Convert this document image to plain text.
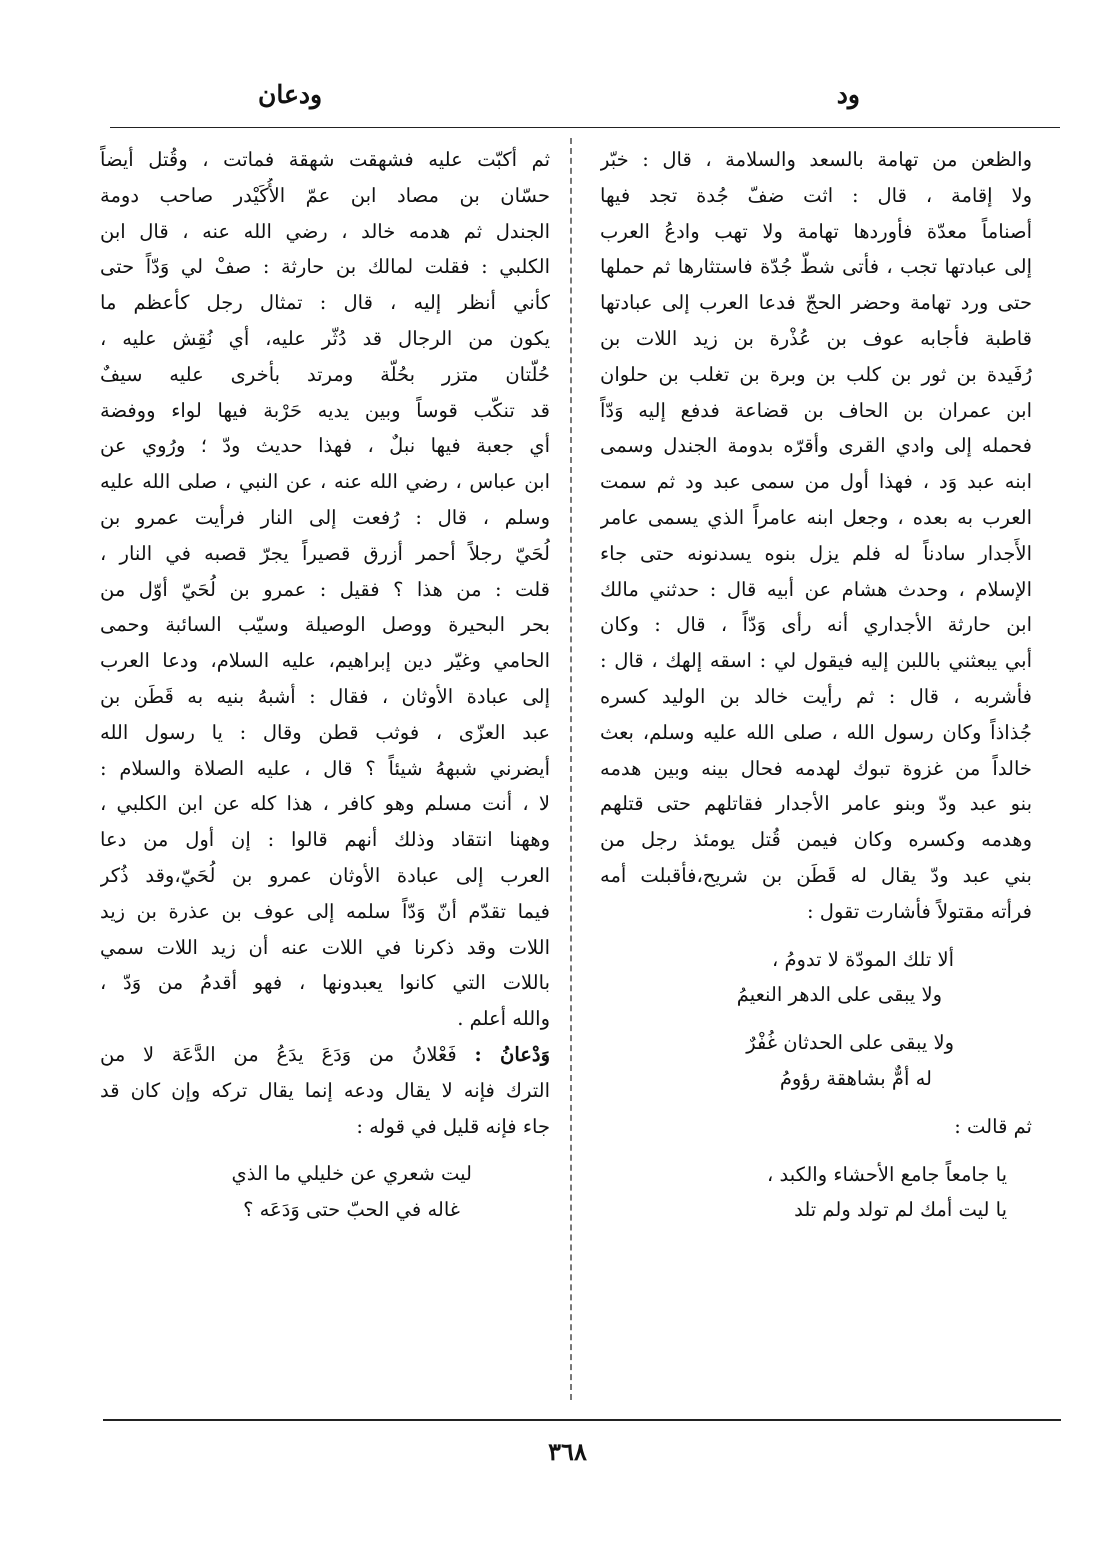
ود
ودعان
والظعن من تهامة بالسعد والسلامة ، قال : خبّر
ولا إقامة ، قال : اثت ضفّ جُدة تجد فيها
أصناماً معدّة فأوردها تهامة ولا تهب وادعُ العرب
إلى عبادتها تجب ، فأتى شطّ جُدّة فاستثارها ثم حملها
حتى ورد تهامة وحضر الحجّ فدعا العرب إلى عبادتها
قاطبة فأجابه عوف بن عُذْرة بن زيد اللات بن
رُفَيدة بن ثور بن كلب بن وبرة بن تغلب بن حلوان
ابن عمران بن الحاف بن قضاعة فدفع إليه وَدّاً
فحمله إلى وادي القرى وأقرّه بدومة الجندل وسمى
ابنه عبد وَد ، فهذا أول من سمى عبد ود ثم سمت
العرب به بعده ، وجعل ابنه عامراً الذي يسمى عامر
الأَجدار سادناً له فلم يزل بنوه يسدنونه حتى جاء
الإسلام ، وحدث هشام عن أبيه قال : حدثني مالك
ابن حارثة الأجداري أنه رأى وَدّاً ، قال : وكان
أبي يبعثني باللبن إليه فيقول لي : اسقه إلهك ، قال :
فأشربه ، قال : ثم رأيت خالد بن الوليد كسره
جُذاذاً وكان رسول الله ، صلى الله عليه وسلم، بعث
خالداً من غزوة تبوك لهدمه فحال بينه وبين هدمه
بنو عبد ودّ وبنو عامر الأجدار فقاتلهم حتى قتلهم
وهدمه وكسره وكان فيمن قُتل يومئذ رجل من
بني عبد ودّ يقال له قَطَن بن شريح،فأقبلت أمه
فرأته مقتولاً فأشارت تقول :
ألا تلك المودّة لا تدومُ ،
ولا يبقى على الدهر النعيمُ
ولا يبقى على الحدثان غُفْرٌ
له أمٌّ بشاهقة رؤومُ
ثم قالت :
يا جامعاً جامع الأحشاء والكبد ،
يا ليت أمك لم تولد ولم تلد
ثم أكبّت عليه فشهقت شهقة فماتت ، وقُتل أيضاً
حسّان بن مصاد ابن عمّ الأُكَيْدر صاحب دومة
الجندل ثم هدمه خالد ، رضي الله عنه ، قال ابن
الكلبي : فقلت لمالك بن حارثة : صفْ لي وَدّاً حتى
كأني أنظر إليه ، قال : تمثال رجل كأعظم ما
يكون من الرجال قد دُثّر عليه، أي نُقِش عليه ،
حُلّتان متزر بحُلّة ومرتد بأخرى عليه سيفٌ
قد تنكّب قوساً وبين يديه حَرْبة فيها لواء ووفضة
أي جعبة فيها نبلٌ ، فهذا حديث ودّ ؛ ورُوي عن
ابن عباس ، رضي الله عنه ، عن النبي ، صلى الله عليه
وسلم ، قال : رُفعت إلى النار فرأيت عمرو بن
لُحَيّ رجلاً أحمر أزرق قصيراً يجرّ قصبه في النار ،
قلت : من هذا ؟ فقيل : عمرو بن لُحَيّ أوّل من
بحر البحيرة ووصل الوصيلة وسيّب السائبة وحمى
الحامي وغيّر دين إبراهيم، عليه السلام، ودعا العرب
إلى عبادة الأوثان ، فقال : أشبهُ بنيه به قَطَن بن
عبد العزّى ، فوثب قطن وقال : يا رسول الله
أيضرني شبههُ شيئاً ؟ قال ، عليه الصلاة والسلام :
لا ، أنت مسلم وهو كافر ، هذا كله عن ابن الكلبي ،
وههنا انتقاد وذلك أنهم قالوا : إن أول من دعا
العرب إلى عبادة الأوثان عمرو بن لُحَيّ،وقد ذُكر
فيما تقدّم أنّ وَدّاً سلمه إلى عوف بن عذرة بن زيد
اللات وقد ذكرنا في اللات عنه أن زيد اللات سمي
باللات التي كانوا يعبدونها ، فهو أقدمُ من وَدّ ،
والله أعلم .
وَدْعانُ : فَعْلانُ من وَدَعَ يدَعُ من الدَّعَة لا من
الترك فإنه لا يقال ودعه إنما يقال تركه وإن كان قد
جاء فإنه قليل في قوله :
ليت شعري عن خليلي ما الذي
غاله في الحبّ حتى وَدَعَه ؟
٣٦٨
